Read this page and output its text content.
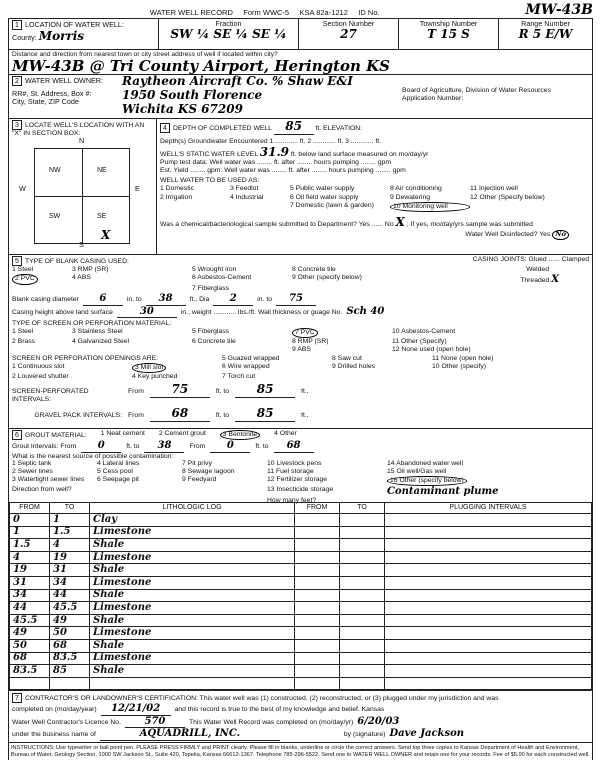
WATER WELL RECORD Form WWC-5 KSA 82a-1212 ID No.	MW-43B
1 LOCATION OF WATER WELL:
County: Morris
Fraction
SW ¼ SE ¼ SE ¼
Section Number
27
Township Number
T 15 S
Range Number
R 5 E/W
Distance and direction from nearest town or city street address of well if located within city?
MW-43B @ Tri County Airport, Herington KS
2 WATER WELL OWNER:
RR#, St. Address, Box #:
City, State, ZIP Code
Raytheon Aircraft Co. % Shaw E&I
1950 South Florence
Wichita KS 67209
Board of Agriculture, Division of Water Resources
Application Number:
3 LOCATE WELL'S LOCATION WITH AN "X" IN SECTION BOX:
N
S
W	E
NW	NE
SW	SE
X
4 DEPTH OF COMPLETED WELL 85 ft. ELEVATION:
Depth(s) Groundwater Encountered 1 ............ ft. 2 ............ ft. 3 ............ ft.
WELL'S STATIC WATER LEVEL 31.9 ft. below land surface measured on mo/day/yr
Pump test data: Well water was ........ ft. after ........ hours pumping ........ gpm
Est. Yield ........ gpm: Well water was ........ ft. after ........ hours pumping ........ gpm
WELL WATER TO BE USED AS:
1 Domestic	3 Feedlot	5 Public water supply	8 Air conditioning	11 Injection well
2 Irrigation	4 Industrial	6 Oil field water supply	9 Dewatering	12 Other (Specify below)
7 Domestic (lawn & garden)	10 Monitoring well
Was a chemical/bacteriological sample submitted to Department? Yes ...... No X ; If yes, mo/day/yrs sample was submitted
Water Well Disinfected? Yes No
5 TYPE OF BLANK CASING USED:	CASING JOINTS: Glued ...... Clamped
1 Steel	3 RMP (SR)	5 Wrought iron	8 Concrete tile	Welded
2 PVC	4 ABS	6 Asbestos-Cement	9 Other (specify below)	Threaded X
7 Fiberglass
Blank casing diameter	6	in. to	38	ft., Dia	2	in. to	75
Casing height above land surface	30	in., weight ............ lbs./ft. Wall thickness or guage No. Sch 40
TYPE OF SCREEN OR PERFORATION MATERIAL:
1 Steel	3 Stainless Steel	5 Fiberglass	7 PVC	10 Asbestos-Cement
2 Brass	4 Galvanized Steel	6 Concrete tile	8 RMP (SR)	11 Other (Specify)
9 ABS	12 None used (open hole)
SCREEN OR PERFORATION OPENINGS ARE:	5 Guazed wrapped	8 Saw cut	11 None (open hole)
1 Continuous slot	3 Mill slot	6 Wire wrapped	9 Drilled holes	10 Other (specify)
2 Louvered shutter	4 Key punched	7 Torch cut
SCREEN-PERFORATED INTERVALS:
From	75	ft. to	85	ft.,
GRAVEL PACK INTERVALS: From	68	ft. to	85	ft.,
6 GROUT MATERIAL: 1 Neat cement 2 Cement grout	3 Bentonite	4 Other
Grout Intervals: From	0	ft. to	38	From	0	ft. to	68
What is the nearest source of possible contamination:
1 Septic tank	4 Lateral lines	7 Pit privy	10 Livestock pens	14 Abandoned water well
2 Sewer lines	5 Cess pool	8 Sewage lagoon	11 Fuel storage	15 Oil well/Gas well
3 Watertight sewer lines	6 Seepage pit	9 Feedyard	12 Fertilizer storage	16 Other (specify below)
Direction from well?	13 Insecticide storage	Contaminant plume
How many feet?
FROM	TO	LITHOLOGIC LOG	FROM	TO	PLUGGING INTERVALS
0	1	Clay			
1	1.5	Limestone			
1.5	4	Shale			
4	19	Limestone			
19	31	Shale			
31	34	Limestone			
34	44	Shale			
44	45.5	Limestone			
45.5	49	Shale			
49	50	Limestone			
50	68	Shale			
68	83.5	Limestone			
83.5	85	Shale			

7 CONTRACTOR'S OR LANDOWNER'S CERTIFICATION: This water well was (1) constructed, (2) reconstructed, or (3) plugged under my jurisdiction and was
completed on (mo/day/year)	12/21/02	and this record is true to the best of my knowledge and belief. Kansas
Water Well Contractor's Licence No.	570	This Water Well Record was completed on (mo/day/yr) 6/20/03
under the business name of	AQUADRILL, INC.	by (signature) Dave Jackson
INSTRUCTIONS: Use typewriter or ball point pen. PLEASE PRESS FIRMLY and PRINT clearly. Please fill in blanks, underline or circle the correct answers. Send top three copies to Kansas Department of Health and Environment, Bureau of Water, Geology Section, 1000 SW Jackson St., Suite 420, Topeka, Kansas 66612-1367. Telephone 785-296-5522. Send one to WATER WELL OWNER and retain one for your records. Fee of $5.00 for each constructed well.
